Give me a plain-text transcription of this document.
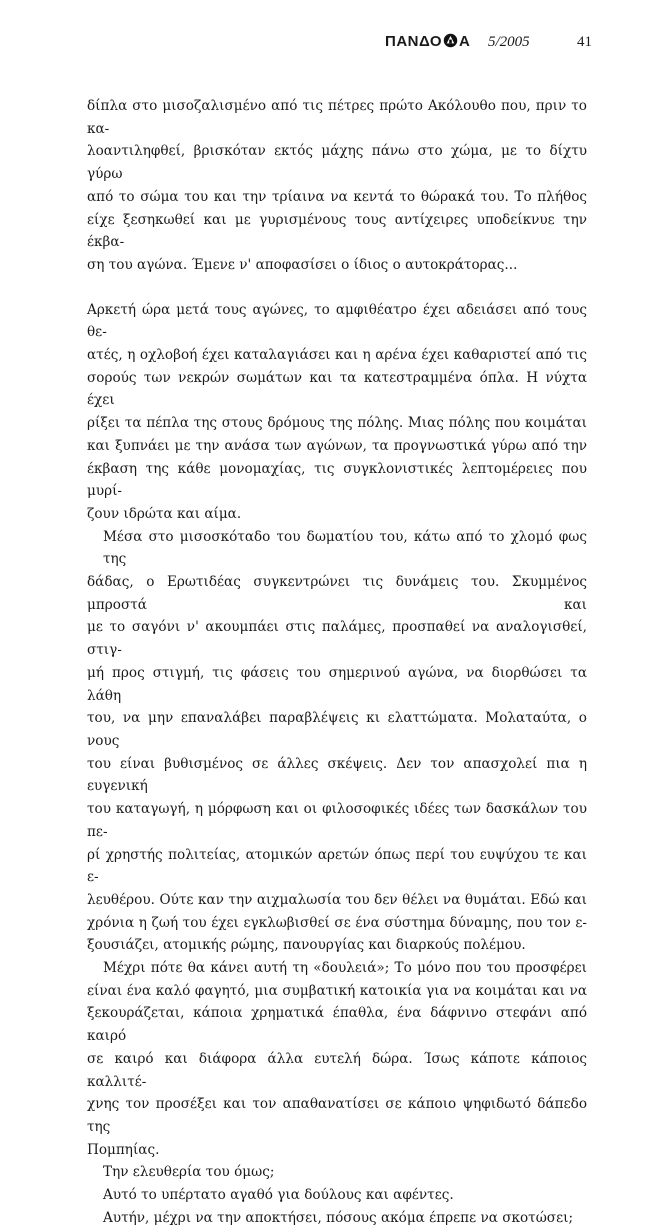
ΠΑΝΔΟ Α 5/2005	41
δίπλα στο μισοζαλισμένο από τις πέτρες πρώτο Ακόλουθο που, πριν το κα-
λοαντιληφθεί, βρισκόταν εκτός μάχης πάνω στο χώμα, με το δίχτυ γύρω
από το σώμα του και την τρίαινα να κεντά το θώρακά του. Το πλήθος
είχε ξεσηκωθεί και με γυρισμένους τους αντίχειρες υποδείκνυε την έκβα-
ση του αγώνα. Έμενε ν' αποφασίσει ο ίδιος ο αυτοκράτορας...
Αρκετή ώρα μετά τους αγώνες, το αμφιθέατρο έχει αδειάσει από τους θε-
ατές, η οχλοβοή έχει καταλαγιάσει και η αρένα έχει καθαριστεί από τις
σορούς των νεκρών σωμάτων και τα κατεστραμμένα όπλα. Η νύχτα έχει
ρίξει τα πέπλα της στους δρόμους της πόλης. Μιας πόλης που κοιμάται
και ξυπνάει με την ανάσα των αγώνων, τα προγνωστικά γύρω από την
έκβαση της κάθε μονομαχίας, τις συγκλονιστικές λεπτομέρειες που μυρί-
ζουν ιδρώτα και αίμα.
Μέσα στο μισοσκόταδο του δωματίου του, κάτω από το χλομό φως της
δάδας, ο Ερωτιδέας συγκεντρώνει τις δυνάμεις του. Σκυμμένος μπροστά και
με το σαγόνι ν' ακουμπάει στις παλάμες, προσπαθεί να αναλογισθεί, στιγ-
μή προς στιγμή, τις φάσεις του σημερινού αγώνα, να διορθώσει τα λάθη
του, να μην επαναλάβει παραβλέψεις κι ελαττώματα. Μολαταύτα, ο νους
του είναι βυθισμένος σε άλλες σκέψεις. Δεν τον απασχολεί πια η ευγενική
του καταγωγή, η μόρφωση και οι φιλοσοφικές ιδέες των δασκάλων του πε-
ρί χρηστής πολιτείας, ατομικών αρετών όπως περί του ευψύχου τε και ε-
λευθέρου. Ούτε καν την αιχμαλωσία του δεν θέλει να θυμάται. Εδώ και
χρόνια η ζωή του έχει εγκλωβισθεί σε ένα σύστημα δύναμης, που τον ε-
ξουσιάζει, ατομικής ρώμης, πανουργίας και διαρκούς πολέμου.
Μέχρι πότε θα κάνει αυτή τη «δουλειά»; Το μόνο που του προσφέρει
είναι ένα καλό φαγητό, μια συμβατική κατοικία για να κοιμάται και να
ξεκουράζεται, κάποια χρηματικά έπαθλα, ένα δάφνινο στεφάνι από καιρό
σε καιρό και διάφορα άλλα ευτελή δώρα. Ίσως κάποτε κάποιος καλλιτέ-
χνης τον προσέξει και τον απαθανατίσει σε κάποιο ψηφιδωτό δάπεδο της
Πομπηίας.
Την ελευθερία του όμως;
Αυτό το υπέρτατο αγαθό για δούλους και αφέντες.
Αυτήν, μέχρι να την αποκτήσει, πόσους ακόμα έπρεπε να σκοτώσει;
